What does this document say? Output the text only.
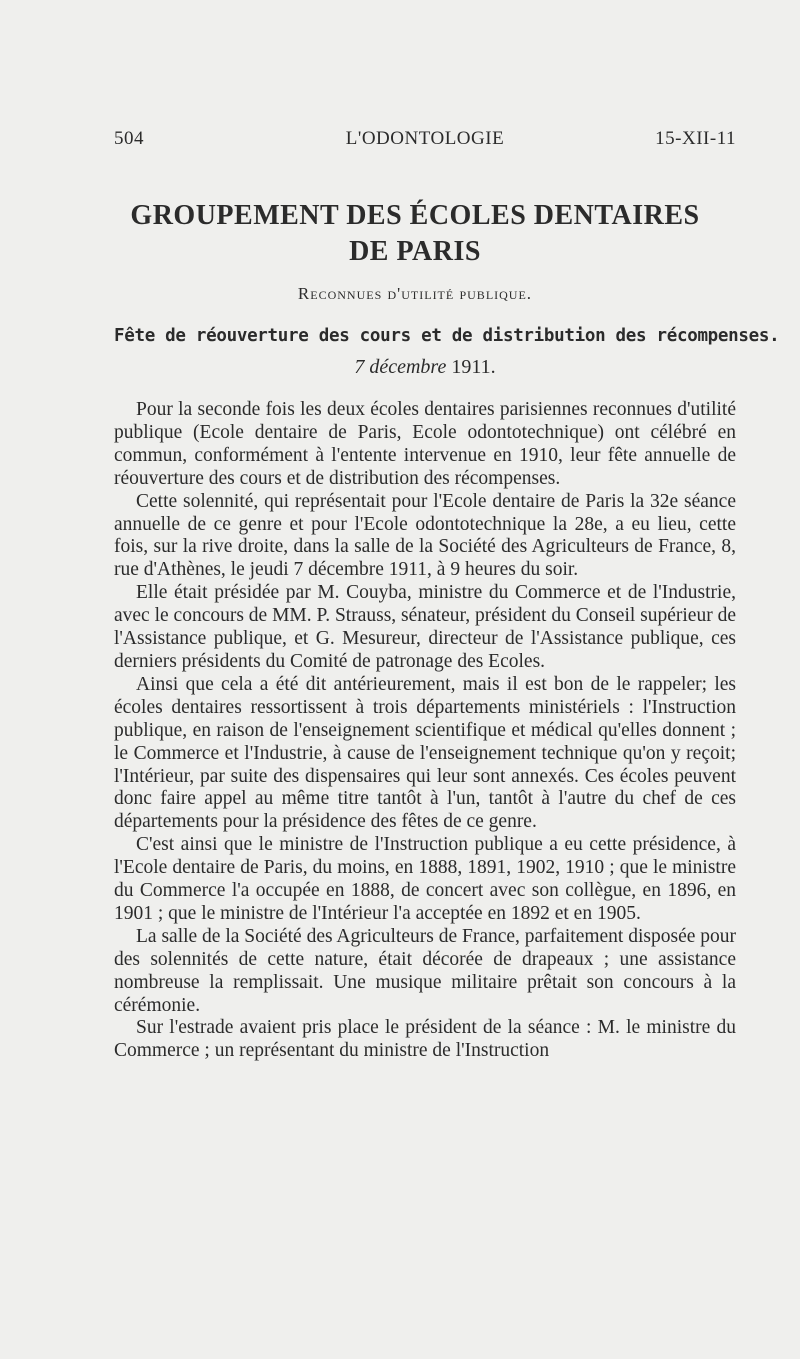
504	L'ODONTOLOGIE	15-XII-11
GROUPEMENT DES ÉCOLES DENTAIRES
DE PARIS
Reconnues d'utilité publique.
Fête de réouverture des cours et de distribution des récompenses.
7 décembre 1911.

Pour la seconde fois les deux écoles dentaires parisiennes reconnues d'utilité publique (Ecole dentaire de Paris, Ecole odontotechnique) ont célébré en commun, conformément à l'entente intervenue en 1910, leur fête annuelle de réouverture des cours et de distribution des récompenses.

Cette solennité, qui représentait pour l'Ecole dentaire de Paris la 32e séance annuelle de ce genre et pour l'Ecole odontotechnique la 28e, a eu lieu, cette fois, sur la rive droite, dans la salle de la Société des Agriculteurs de France, 8, rue d'Athènes, le jeudi 7 décembre 1911, à 9 heures du soir.

Elle était présidée par M. Couyba, ministre du Commerce et de l'Industrie, avec le concours de MM. P. Strauss, sénateur, président du Conseil supérieur de l'Assistance publique, et G. Mesureur, directeur de l'Assistance publique, ces derniers présidents du Comité de patronage des Ecoles.

Ainsi que cela a été dit antérieurement, mais il est bon de le rappeler; les écoles dentaires ressortissent à trois départements ministériels : l'Instruction publique, en raison de l'enseignement scientifique et médical qu'elles donnent ; le Commerce et l'Industrie, à cause de l'enseignement technique qu'on y reçoit; l'Intérieur, par suite des dispensaires qui leur sont annexés. Ces écoles peuvent donc faire appel au même titre tantôt à l'un, tantôt à l'autre du chef de ces départements pour la présidence des fêtes de ce genre.

C'est ainsi que le ministre de l'Instruction publique a eu cette présidence, à l'Ecole dentaire de Paris, du moins, en 1888, 1891, 1902, 1910 ; que le ministre du Commerce l'a occupée en 1888, de concert avec son collègue, en 1896, en 1901 ; que le ministre de l'Intérieur l'a acceptée en 1892 et en 1905.

La salle de la Société des Agriculteurs de France, parfaitement disposée pour des solennités de cette nature, était décorée de drapeaux ; une assistance nombreuse la remplissait. Une musique militaire prêtait son concours à la cérémonie.

Sur l'estrade avaient pris place le président de la séance : M. le ministre du Commerce ; un représentant du ministre de l'Instruction
